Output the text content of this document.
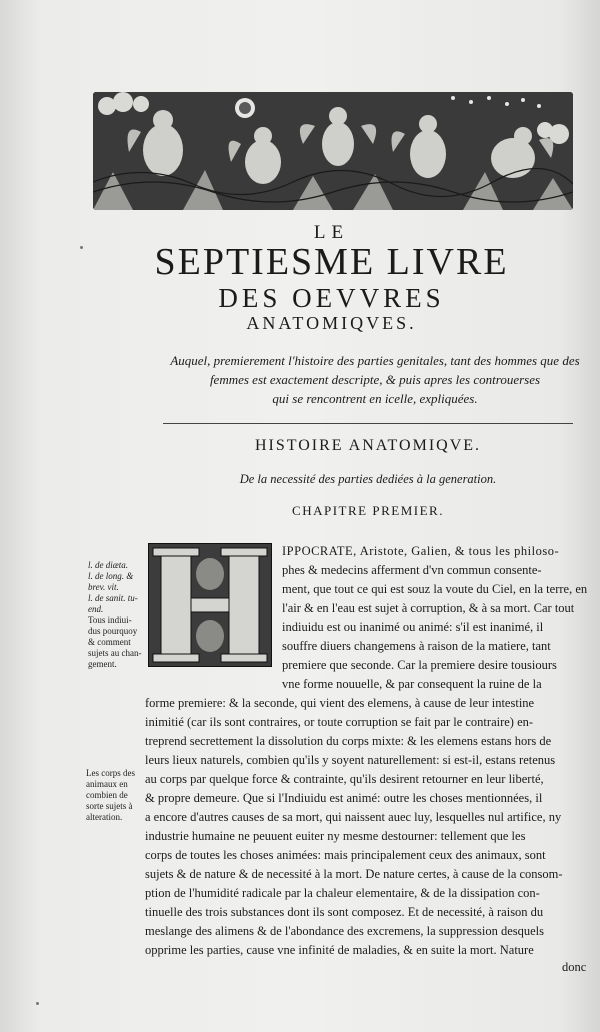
LE
SEPTIESME LIVRE
DES OEVVRES
ANATOMIQVES.
Auquel, premierement l'histoire des parties genitales, tant des hommes que des
femmes est exactement descripte, & puis apres les controuerses
qui se rencontrent en icelle, expliquées.
HISTOIRE ANATOMIQVE.
De la necessité des parties dediées à la generation.
CHAPITRE PREMIER.
l. de diæta.
l. de long. &
brev. vit.
l. de sanit. tu-
end.
Tous indiui-
dus pourquoy
& comment
sujets au chan-
gement.
Les corps des
animaux en
combien de
sorte sujets à
alteration.
IPPOCRATE, Aristote, Galien, & tous les philoso-
phes & medecins afferment d'vn commun consente-
ment, que tout ce qui est souz la voute du Ciel, en la terre, en
l'air & en l'eau est sujet à corruption, & à sa mort. Car tout
indiuidu est ou inanimé ou animé: s'il est inanimé, il
souffre diuers changemens à raison de la matiere, tant
premiere que seconde. Car la premiere desire tousiours
vne forme nouuelle, & par consequent la ruine de la
forme premiere: & la seconde, qui vient des elemens, à cause de leur intestine
inimitié (car ils sont contraires, or toute corruption se fait par le contraire) en-
treprend secrettement la dissolution du corps mixte: & les elemens estans hors de
leurs lieux naturels, combien qu'ils y soyent naturellement: si est-il, estans retenus
au corps par quelque force & contrainte, qu'ils desirent retourner en leur liberté,
& propre demeure. Que si l'Indiuidu est animé: outre les choses mentionnées, il
a encore d'autres causes de sa mort, qui naissent auec luy, lesquelles nul artifice, ny
industrie humaine ne peuuent euiter ny mesme destourner: tellement que les
corps de toutes les choses animées: mais principalement ceux des animaux, sont
sujets & de nature & de necessité à la mort. De nature certes, à cause de la consom-
ption de l'humidité radicale par la chaleur elementaire, & de la dissipation con-
tinuelle des trois substances dont ils sont composez. Et de necessité, à raison du
meslange des alimens & de l'abondance des excremens, la suppression desquels
opprime les parties, cause vne infinité de maladies, & en suite la mort. Nature
donc
